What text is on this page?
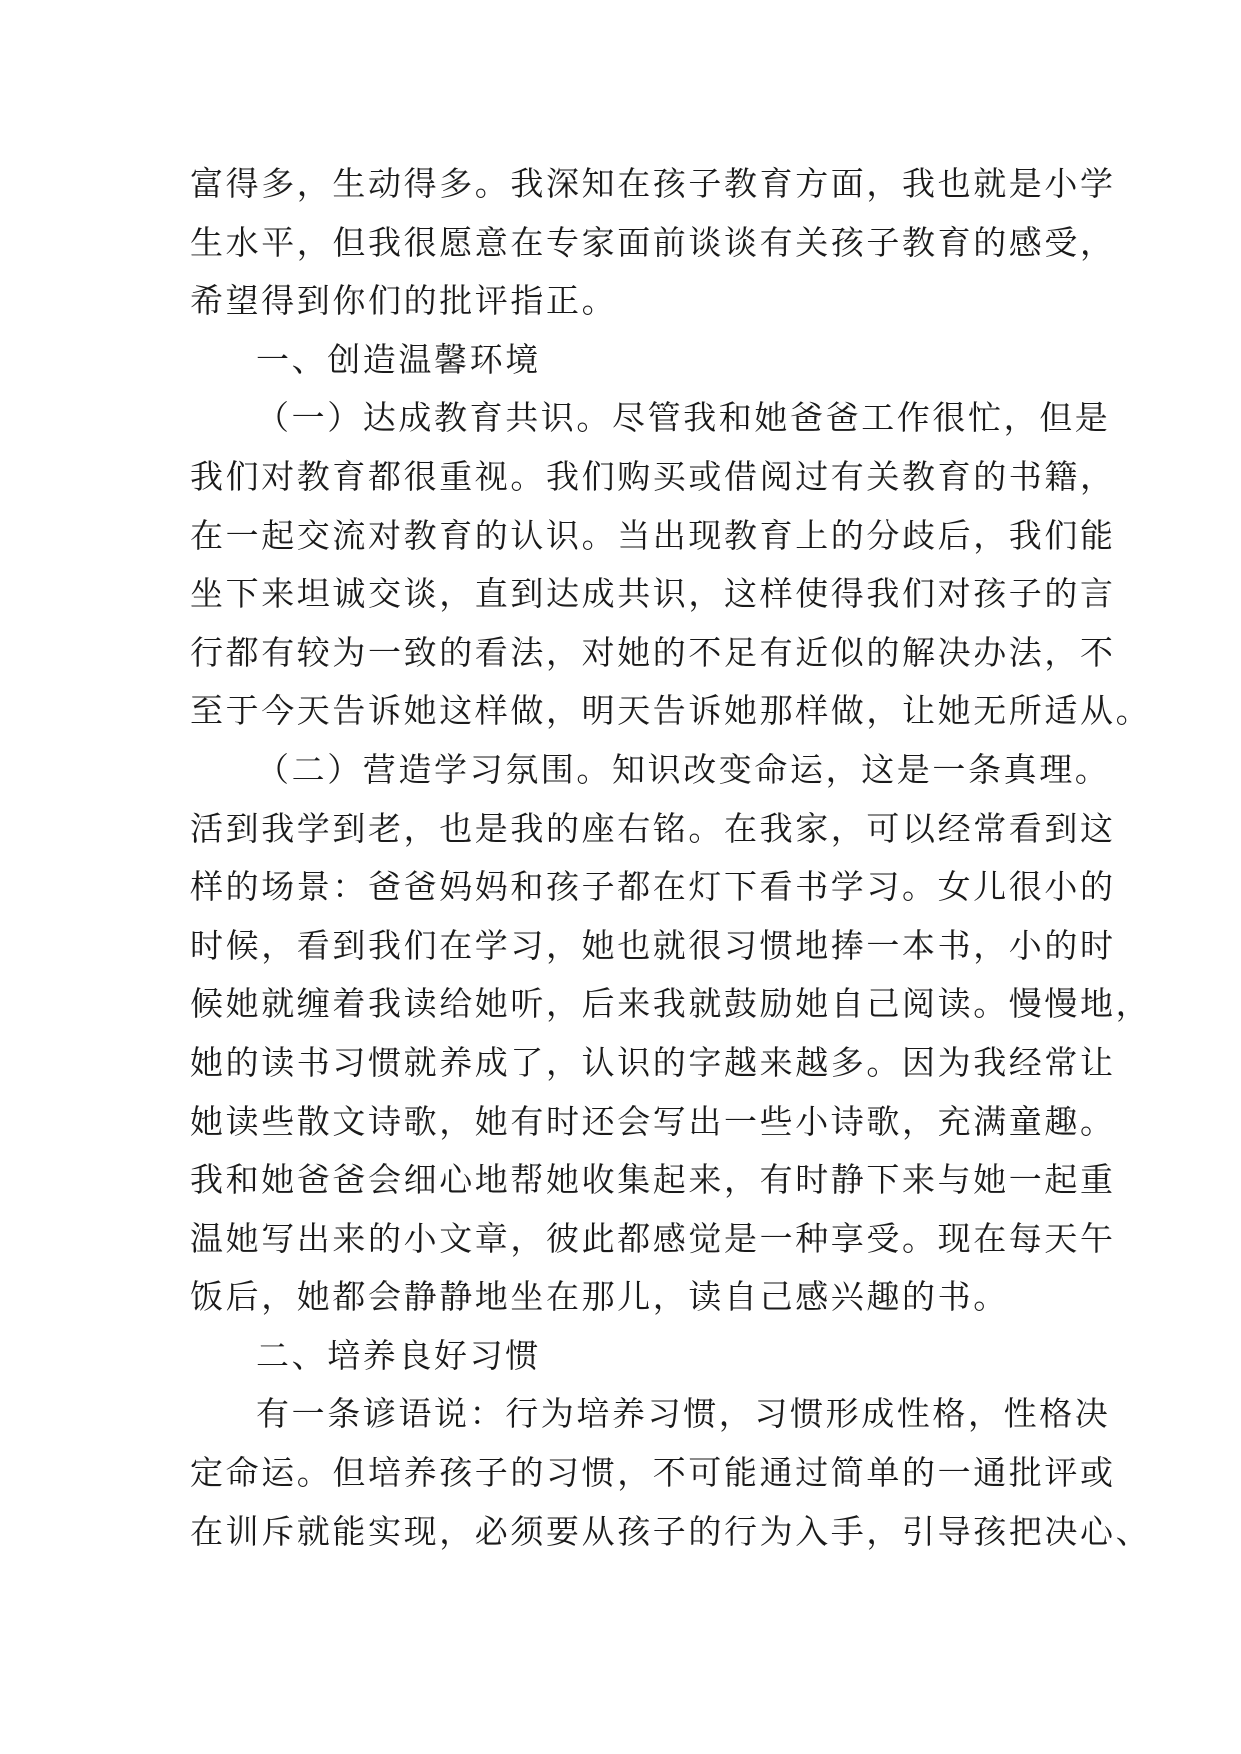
富得多，生动得多。我深知在孩子教育方面，我也就是小学
生水平，但我很愿意在专家面前谈谈有关孩子教育的感受，
希望得到你们的批评指正。
一、创造温馨环境
（一）达成教育共识。尽管我和她爸爸工作很忙，但是
我们对教育都很重视。我们购买或借阅过有关教育的书籍，
在一起交流对教育的认识。当出现教育上的分歧后，我们能
坐下来坦诚交谈，直到达成共识，这样使得我们对孩子的言
行都有较为一致的看法，对她的不足有近似的解决办法，不
至于今天告诉她这样做，明天告诉她那样做，让她无所适从。
（二）营造学习氛围。知识改变命运，这是一条真理。
活到我学到老，也是我的座右铭。在我家，可以经常看到这
样的场景：爸爸妈妈和孩子都在灯下看书学习。女儿很小的
时候，看到我们在学习，她也就很习惯地捧一本书，小的时
候她就缠着我读给她听，后来我就鼓励她自己阅读。慢慢地，
她的读书习惯就养成了，认识的字越来越多。因为我经常让
她读些散文诗歌，她有时还会写出一些小诗歌，充满童趣。
我和她爸爸会细心地帮她收集起来，有时静下来与她一起重
温她写出来的小文章，彼此都感觉是一种享受。现在每天午
饭后，她都会静静地坐在那儿，读自己感兴趣的书。
二、培养良好习惯
有一条谚语说：行为培养习惯，习惯形成性格，性格决
定命运。但培养孩子的习惯，不可能通过简单的一通批评或
在训斥就能实现，必须要从孩子的行为入手，引导孩把决心、
